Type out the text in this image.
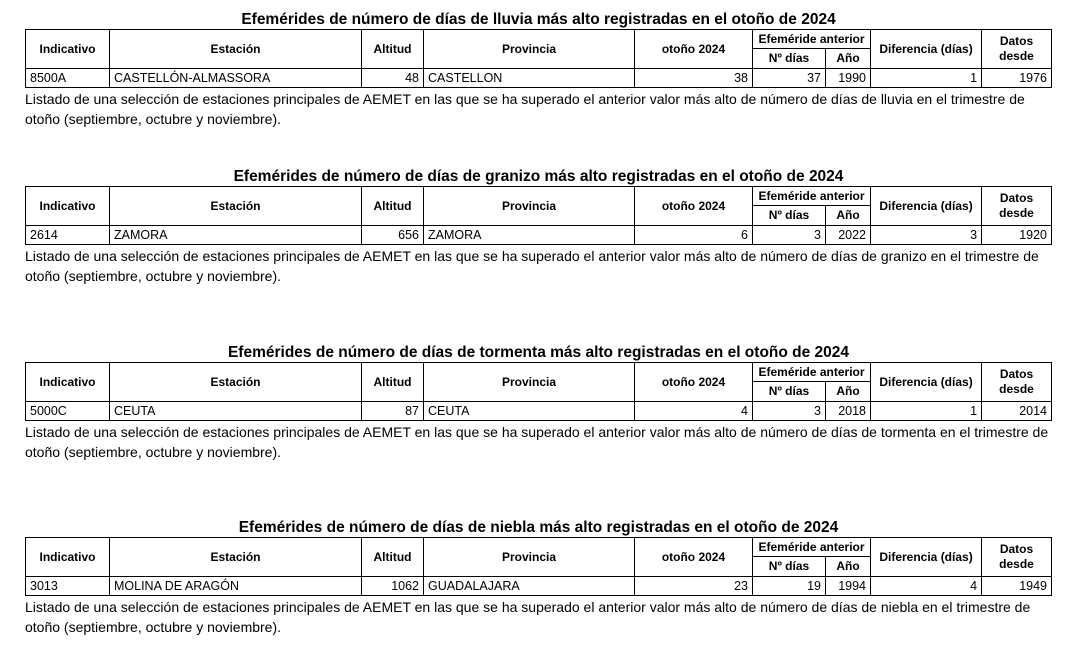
Efemérides de número de días de lluvia más alto registradas en el otoño de 2024
Indicativo	Estación	Altitud	Provincia	otoño 2024	Efeméride anterior		Diferencia (días)	Datos
desde

					Nº días	Año		
8500A	CASTELLÓN-ALMASSORA	48	CASTELLON	38	37	1990	1	1976
Listado de una selección de estaciones principales de AEMET en las que se ha superado el anterior valor más alto de número de días de lluvia en el trimestre de otoño (septiembre, octubre y noviembre).
Efemérides de número de días de granizo más alto registradas en el otoño de 2024
Indicativo	Estación	Altitud	Provincia	otoño 2024	Efeméride anterior		Diferencia (días)	Datos
desde

					Nº días	Año		
2614	ZAMORA	656	ZAMORA	6	3	2022	3	1920
Listado de una selección de estaciones principales de AEMET en las que se ha superado el anterior valor más alto de número de días de granizo en el trimestre de otoño (septiembre, octubre y noviembre).
Efemérides de número de días de tormenta más alto registradas en el otoño de 2024
Indicativo	Estación	Altitud	Provincia	otoño 2024	Efeméride anterior		Diferencia (días)	Datos
desde

					Nº días	Año		
5000C	CEUTA	87	CEUTA	4	3	2018	1	2014
Listado de una selección de estaciones principales de AEMET en las que se ha superado el anterior valor más alto de número de días de tormenta en el trimestre de otoño (septiembre, octubre y noviembre).
Efemérides de número de días de niebla más alto registradas en el otoño de 2024
Indicativo	Estación	Altitud	Provincia	otoño 2024	Efeméride anterior		Diferencia (días)	Datos
desde

					Nº días	Año		
3013	MOLINA DE ARAGÓN	1062	GUADALAJARA	23	19	1994	4	1949
Listado de una selección de estaciones principales de AEMET en las que se ha superado el anterior valor más alto de número de días de niebla en el trimestre de otoño (septiembre, octubre y noviembre).
